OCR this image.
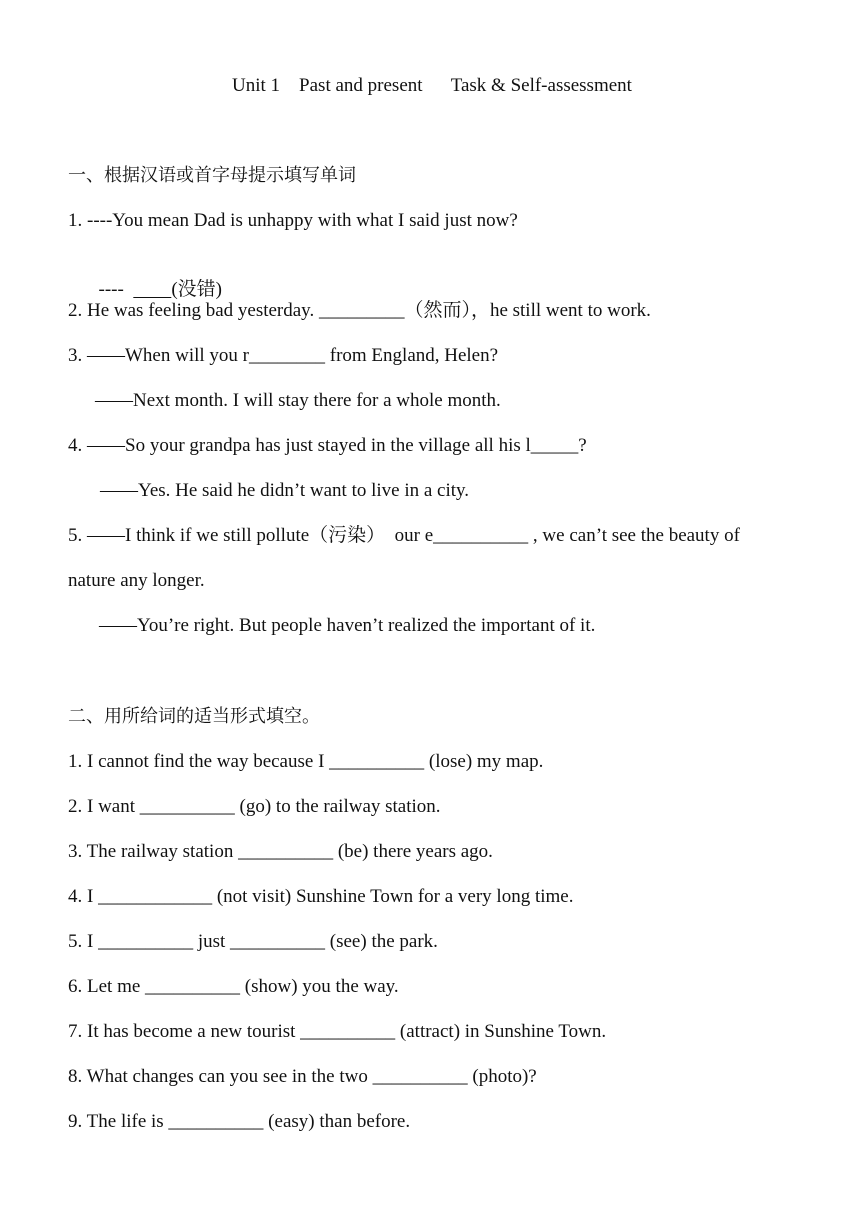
Unit 1    Past and present      Task & Self-assessment
一、根据汉语或首字母提示填写单词
1. ----You mean Dad is unhappy with what I said just now?

----          (没错)

2. He was feeling bad yesterday. _________（然而），he still went to work.
3. ——When will you r________ from England, Helen?
——Next month. I will stay there for a whole month.
4. ——So your grandpa has just stayed in the village all his l_____?
——Yes. He said he didn’t want to live in a city.
5. ——I think if we still pollute（污染）  our e__________ , we can’t see the beauty of
nature any longer.
——You’re right. But people haven’t realized the important of it.
二、用所给词的适当形式填空。
1. I cannot find the way because I __________ (lose) my map.
2. I want __________ (go) to the railway station.
3. The railway station __________ (be) there years ago.
4. I ____________ (not visit) Sunshine Town for a very long time.
5. I __________ just __________ (see) the park.
6. Let me __________ (show) you the way.
7. It has become a new tourist __________ (attract) in Sunshine Town.
8. What changes can you see in the two __________ (photo)?
9. The life is __________ (easy) than before.
